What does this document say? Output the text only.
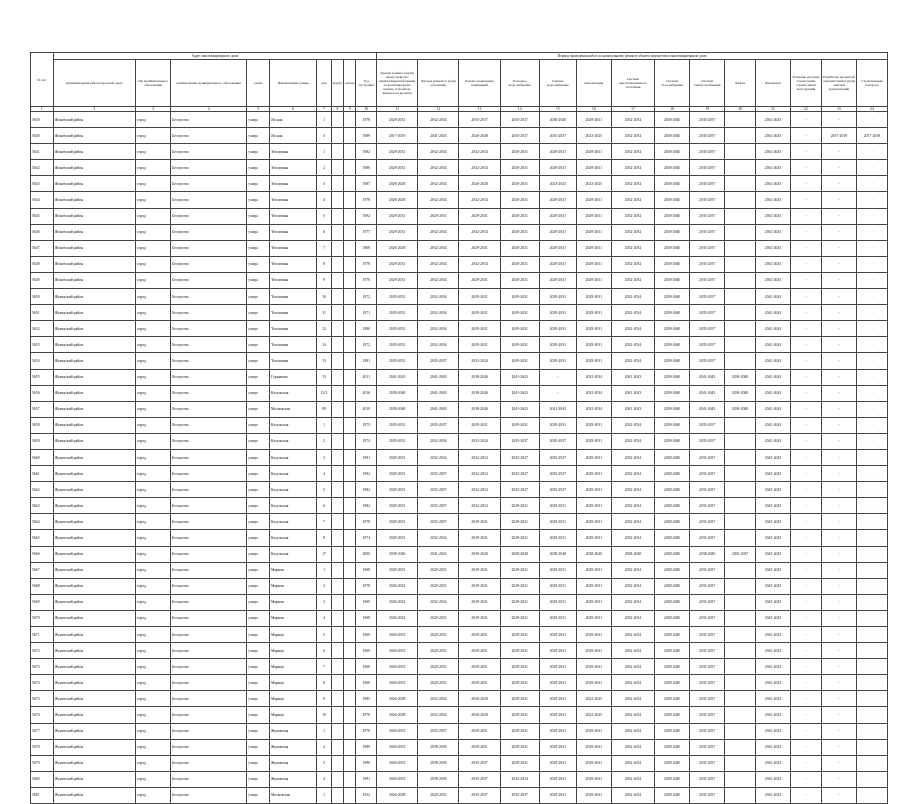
№ п/п	Адрес многоквартирного дома									Период проведения работ по капитальному ремонту общего имущества в многоквартирном доме													
	муниципальный район/городской округ	тип муниципального образования	наименование муниципального образования	улица	Наименование улицы	дом	корпус	литера	Год постройки	Кровля (замена и (или) переустройство невентилируемой крыши на вентилируемую крышу, устройство выходов на кровлю)	Фасады (ремонт и (или) утепление)	Ремонт подвальных помещений	Холодное водоснабжение	Горячее водоснабжение	Канализация	Система централизованного отопления	Система газоснабжения	Система электроснабжения	Лифты	Фундамент	Усиление несущих и ненесущих строительных конструкций	Разработка проектной документации и (или) сметной документации	Строительный контроль
1	2	3	4	5	6	7	8	9	10	11	12	13	14	15	16	17	18	19	20	21	22	23	24
5639	Жуковский район	город	Белоусово	улица	Лесная	1			1978	2029-2031	2032-2034	2035-2037	2035-2037	2038-2040	2029-2031	2032-2034	2038-2040	2035-2037		2041-2043	-	-	-
5640	Жуковский район	город	Белоусово	улица	Лесная	3			1989	2017-2019	2041-2043	2026-2048	2035-2037	2035-2037	2023-2025	2032-2034	2038-2040	2035-2037		2041-2043	-	2017-2019	2017-2019
5641	Жуковский район	город	Белоусово	улица	Тепличная	1			1982	2029-2031	2032-2034	2032-2034	2029-2031	2029-2031	2029-2031	2032-2034	2038-2040	2035-2037		2041-2043	-	-	-
5642	Жуковский район	город	Белоусово	улица	Тепличная	2			1980	2029-2031	2032-2034	2032-2034	2029-2031	2029-2031	2029-2031	2032-2034	2038-2040	2035-2037		2041-2043	-	-	-
5643	Жуковский район	город	Белоусово	улица	Тепличная	3			1987	2026-2028	2032-2034	2026-2028	2029-2031	2023-2025	2023-2025	2032-2034	2038-2040	2035-2037		2041-2043	-	-	-
5644	Жуковский район	город	Белоусово	улица	Тепличная	4			1978	2026-2028	2032-2034	2032-2034	2029-2031	2029-2031	2029-2031	2032-2034	2038-2040	2035-2037		2041-2043	-	-	-
5645	Жуковский район	город	Белоусово	улица	Тепличная	5			1992	2029-2031	2029-2031	2029-2031	2029-2031	2029-2031	2029-2031	2032-2034	2038-2040	2035-2037		2041-2043	-	-	-
5646	Жуковский район	город	Белоусово	улица	Тепличная	6			1977	2029-2031	2032-2034	2032-2034	2029-2031	2029-2031	2029-2031	2032-2034	2038-2040	2035-2037		2041-2043	-	-	-
5647	Жуковский район	город	Белоусово	улица	Тепличная	7			1968	2026-2028	2032-2034	2029-2031	2029-2031	2029-2031	2029-2031	2032-2034	2038-2040	2035-2037		2041-2043	-	-	-
5648	Жуковский район	город	Белоусово	улица	Тепличная	8			1978	2029-2031	2032-2034	2032-2034	2029-2031	2029-2031	2029-2031	2032-2034	2038-2040	2035-2037		2041-2043	-	-	-
5649	Жуковский район	город	Белоусово	улица	Тепличная	9			1970	2029-2031	2032-2034	2029-2031	2029-2031	2029-2031	2029-2031	2032-2034	2038-2040	2035-2037		2041-2043	-	-	-
5650	Жуковский район	город	Белоусово	улица	Тепличная	10			1972	2029-2031	2032-2034	2029-2031	2029-2031	2029-2031	2029-2031	2032-2034	2038-2040	2035-2037		2041-2043	-	-	-
5651	Жуковский район	город	Белоусово	улица	Тепличная	11			1971	2029-2031	2032-2034	2029-2031	2029-2031	2029-2031	2029-2031	2032-2034	2038-2040	2035-2037		2041-2043	-	-	-
5652	Жуковский район	город	Белоусово	улица	Тепличная	12			1980	2029-2031	2032-2034	2029-2031	2029-2031	2029-2031	2029-2031	2032-2034	2038-2040	2035-2037		2041-2043	-	-	-
5653	Жуковский район	город	Белоусово	улица	Тепличная	14			1972	2029-2031	2032-2034	2029-2031	2029-2031	2029-2031	2029-2031	2032-2034	2038-2040	2035-2037		2041-2043	-	-	-
5654	Жуковский район	город	Белоусово	улица	Тепличная	15			1981	2029-2031	2035-2037	2032-2034	2029-2031	2029-2031	2029-2031	2032-2034	2038-2040	2035-2037		2041-2043	-	-	-
5655	Жуковский район	город	Белоусово	улица	Гурьянова	15			2011	2041-2043	2041-2043	2038-2040	2041-2043	-	2032-2034	2041-2043	2038-2040	2041-2043	2038-2040	2041-2043	-	-	-
5656	Жуковский район	город	Белоусово	улица	Калужская	12/1			2016	2038-2040	2041-2043	2038-2040	2041-2043	-	2032-2034	2041-2043	2038-2040	2041-2043	2038-2040	2041-2043	-	-	-
5657	Жуковский район	город	Белоусово	улица	Московская	99			2019	2038-2040	2041-2043	2038-2040	2041-2043	2041-2043	2032-2034	2041-2043	2038-2040	2041-2043	2038-2040	2041-2043	-	-	-
5658	Жуковский район	город	Белоусово	улица	Калужская	1			1975	2029-2031	2035-2037	2029-2031	2029-2031	2029-2031	2029-2031	2032-2034	2038-2040	2035-2037		2041-2043	-	-	-
5659	Жуковский район	город	Белоусово	улица	Калужская	2			1974	2029-2031	2032-2034	2032-2034	2035-2037	2035-2037	2029-2031	2032-2034	2038-2040	2035-2037		2041-2043	-	-	-
5660	Жуковский район	город	Белоусово	улица	Калужская	3			1991	2029-2031	2032-2034	2032-2034	2035-2037	2035-2037	2029-2031	2032-2034	2038-2040	2035-2037		2041-2043	-	-	-
5661	Жуковский район	город	Белоусово	улица	Калужская	4			1992	2029-2031	2035-2037	2032-2034	2035-2037	2035-2037	2029-2031	2032-2034	2038-2040	2035-2037		2041-2043	-	-	-
5662	Жуковский район	город	Белоусово	улица	Калужская	5			1982	2029-2031	2035-2037	2032-2034	2035-2037	2035-2037	2029-2031	2032-2034	2038-2040	2035-2037		2041-2043	-	-	-
5663	Жуковский район	город	Белоусово	улица	Калужская	6			1982	2029-2031	2035-2037	2032-2034	2029-2031	2029-2031	2029-2031	2032-2034	2038-2040	2035-2037		2041-2043	-	-	-
5664	Жуковский район	город	Белоусово	улица	Калужская	7			1978	2029-2031	2035-2037	2029-2031	2029-2031	2029-2031	2029-2031	2032-2034	2038-2040	2035-2037		2041-2043	-	-	-
5665	Жуковский район	город	Белоусово	улица	Калужская	8			1973	2029-2031	2032-2034	2029-2031	2029-2031	2029-2031	2029-2031	2032-2034	2038-2040	2035-2037		2041-2043	-	-	-
5666	Жуковский район	город	Белоусово	улица	Калужская	17			2000	2038-2040	2041-2043	2038-2040	2038-2040	2038-2040	2038-2040	2038-2040	2038-2040	2038-2040	2035-2037	2041-2043	-	-	-
5667	Жуковский район	город	Белоусово	улица	Мирная	1			1968	2029-2031	2029-2031	2029-2031	2029-2031	2029-2031	2029-2031	2032-2034	2038-2040	2035-2037		2041-2043	-	-	-
5668	Жуковский район	город	Белоусово	улица	Мирная	2			1978	2020-2022	2029-2031	2029-2031	2029-2031	2029-2031	2029-2031	2032-2034	2038-2040	2035-2037		2041-2043	-	-	-
5669	Жуковский район	город	Белоусово	улица	Мирная	3			1969	2020-2022	2032-2034	2029-2031	2029-2031	2029-2031	2029-2031	2032-2034	2038-2040	2035-2037		2041-2043	-	-	-
5670	Жуковский район	город	Белоусово	улица	Мирная	4			1968	2020-2022	2029-2031	2029-2031	2029-2031	2029-2031	2029-2031	2032-2034	2038-2040	2035-2037		2041-2043	-	-	-
5671	Жуковский район	город	Белоусово	улица	Мирная	5			1969	2029-2031	2029-2031	2029-2031	2029-2031	2029-2031	2029-2031	2032-2034	2038-2040	2035-2037		2041-2043	-	-	-
5672	Жуковский район	город	Белоусово	улица	Мирная	6			1969	2029-2031	2029-2031	2029-2031	2029-2031	2029-2031	2029-2031	2032-2034	2038-2040	2035-2037		2041-2043	-	-	-
5673	Жуковский район	город	Белоусово	улица	Мирная	7			1968	2029-2031	2029-2031	2029-2031	2029-2031	2029-2031	2029-2031	2032-2034	2038-2040	2035-2037		2041-2043	-	-	-
5674	Жуковский район	город	Белоусово	улица	Мирная	8			1968	2029-2031	2029-2031	2029-2031	2029-2031	2029-2031	2029-2031	2032-2034	2038-2040	2035-2037		2041-2043	-	-	-
5675	Жуковский район	город	Белоусово	улица	Мирная	9			1985	2026-2028	2032-2034	2026-2028	2029-2031	2029-2031	2023-2025	2032-2034	2038-2040	2035-2037		2041-2043	-	-	-
5676	Жуковский район	город	Белоусово	улица	Мирная	10			1978	2026-2028	2032-2034	2026-2028	2029-2031	2029-2031	2023-2025	2032-2034	2038-2040	2035-2037		2041-2043	-	-	-
5677	Жуковский район	город	Белоусово	улица	Жуковская	1			1978	2029-2031	2035-2037	2029-2031	2029-2031	2029-2031	2029-2031	2032-2034	2038-2040	2035-2037		2041-2043	-	-	-
5678	Жуковский район	город	Белоусово	улица	Жуковская	2			1989	2029-2031	2038-2040	2029-2031	2029-2031	2029-2031	2029-2031	2032-2034	2038-2040	2035-2037		2041-2043	-	-	-
5679	Жуковский район	город	Белоусово	улица	Жуковская	3			1990	2029-2031	2038-2040	2035-2037	2029-2031	2029-2031	2029-2031	2032-2034	2038-2040	2035-2037		2041-2043	-	-	-
5680	Жуковский район	город	Белоусово	улица	Жуковская	4			1991	2029-2031	2038-2040	2035-2037	2032-2034	2029-2031	2029-2031	2032-2034	2038-2040	2035-2037		2041-2043	-	-	-
5681	Жуковский район	город	Белоусово	улица	Московская	1			1932	2026-2028	2029-2031	2035-2037	2035-2037	2029-2031	2029-2031	2032-2034	2038-2040	2035-2037		2041-2043	-	-	-
